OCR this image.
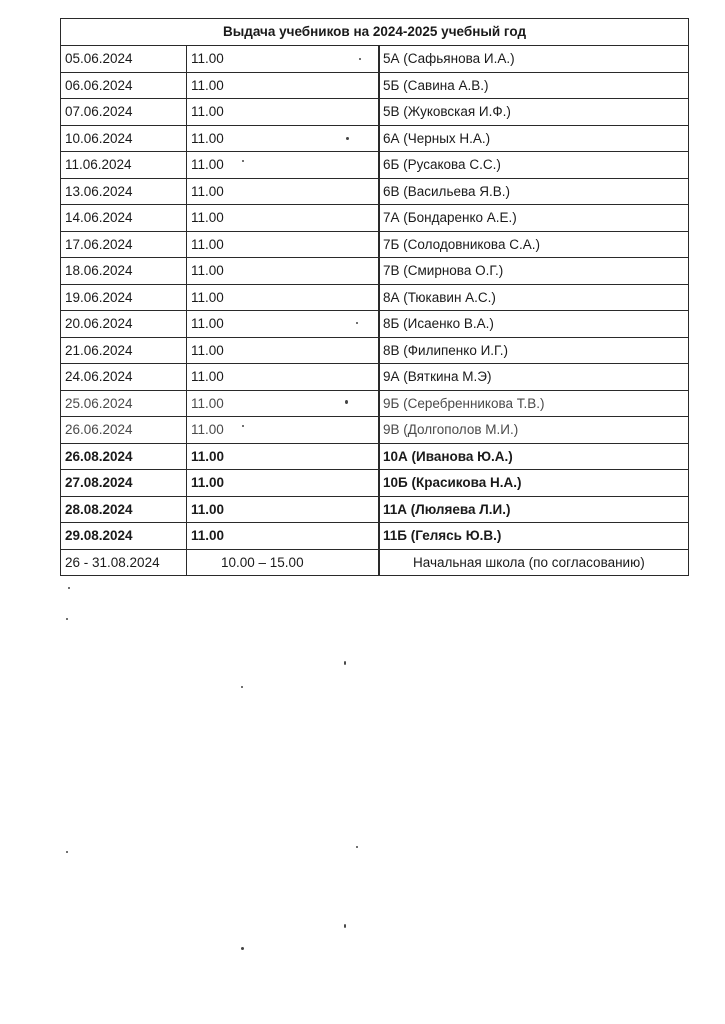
Выдача учебников на 2024-2025 учебный год		
05.06.2024	11.00	5А (Сафьянова И.А.)

06.06.2024	11.00	5Б (Савина А.В.)

07.06.2024	11.00	5В (Жуковская И.Ф.)

10.06.2024	11.00	6А (Черных Н.А.)

11.06.2024	11.00	6Б (Русакова С.С.)

13.06.2024	11.00	6В (Васильева Я.В.)

14.06.2024	11.00	7А (Бондаренко А.Е.)

17.06.2024	11.00	7Б (Солодовникова С.А.)

18.06.2024	11.00	7В (Смирнова О.Г.)

19.06.2024	11.00	8А (Тюкавин А.С.)

20.06.2024	11.00	8Б (Исаенко В.А.)

21.06.2024	11.00	8В (Филипенко И.Г.)

24.06.2024	11.00	9А (Вяткина М.Э)

25.06.2024	11.00	9Б (Серебренникова Т.В.)

26.06.2024	11.00	9В (Долгополов М.И.)

26.08.2024	11.00	10А (Иванова Ю.А.)

27.08.2024	11.00	10Б (Красикова Н.А.)

28.08.2024	11.00	11А (Люляева Л.И.)

29.08.2024	11.00	11Б (Гелясь Ю.В.)

26 - 31.08.2024	10.00 – 15.00	Начальная школа (по согласованию)
